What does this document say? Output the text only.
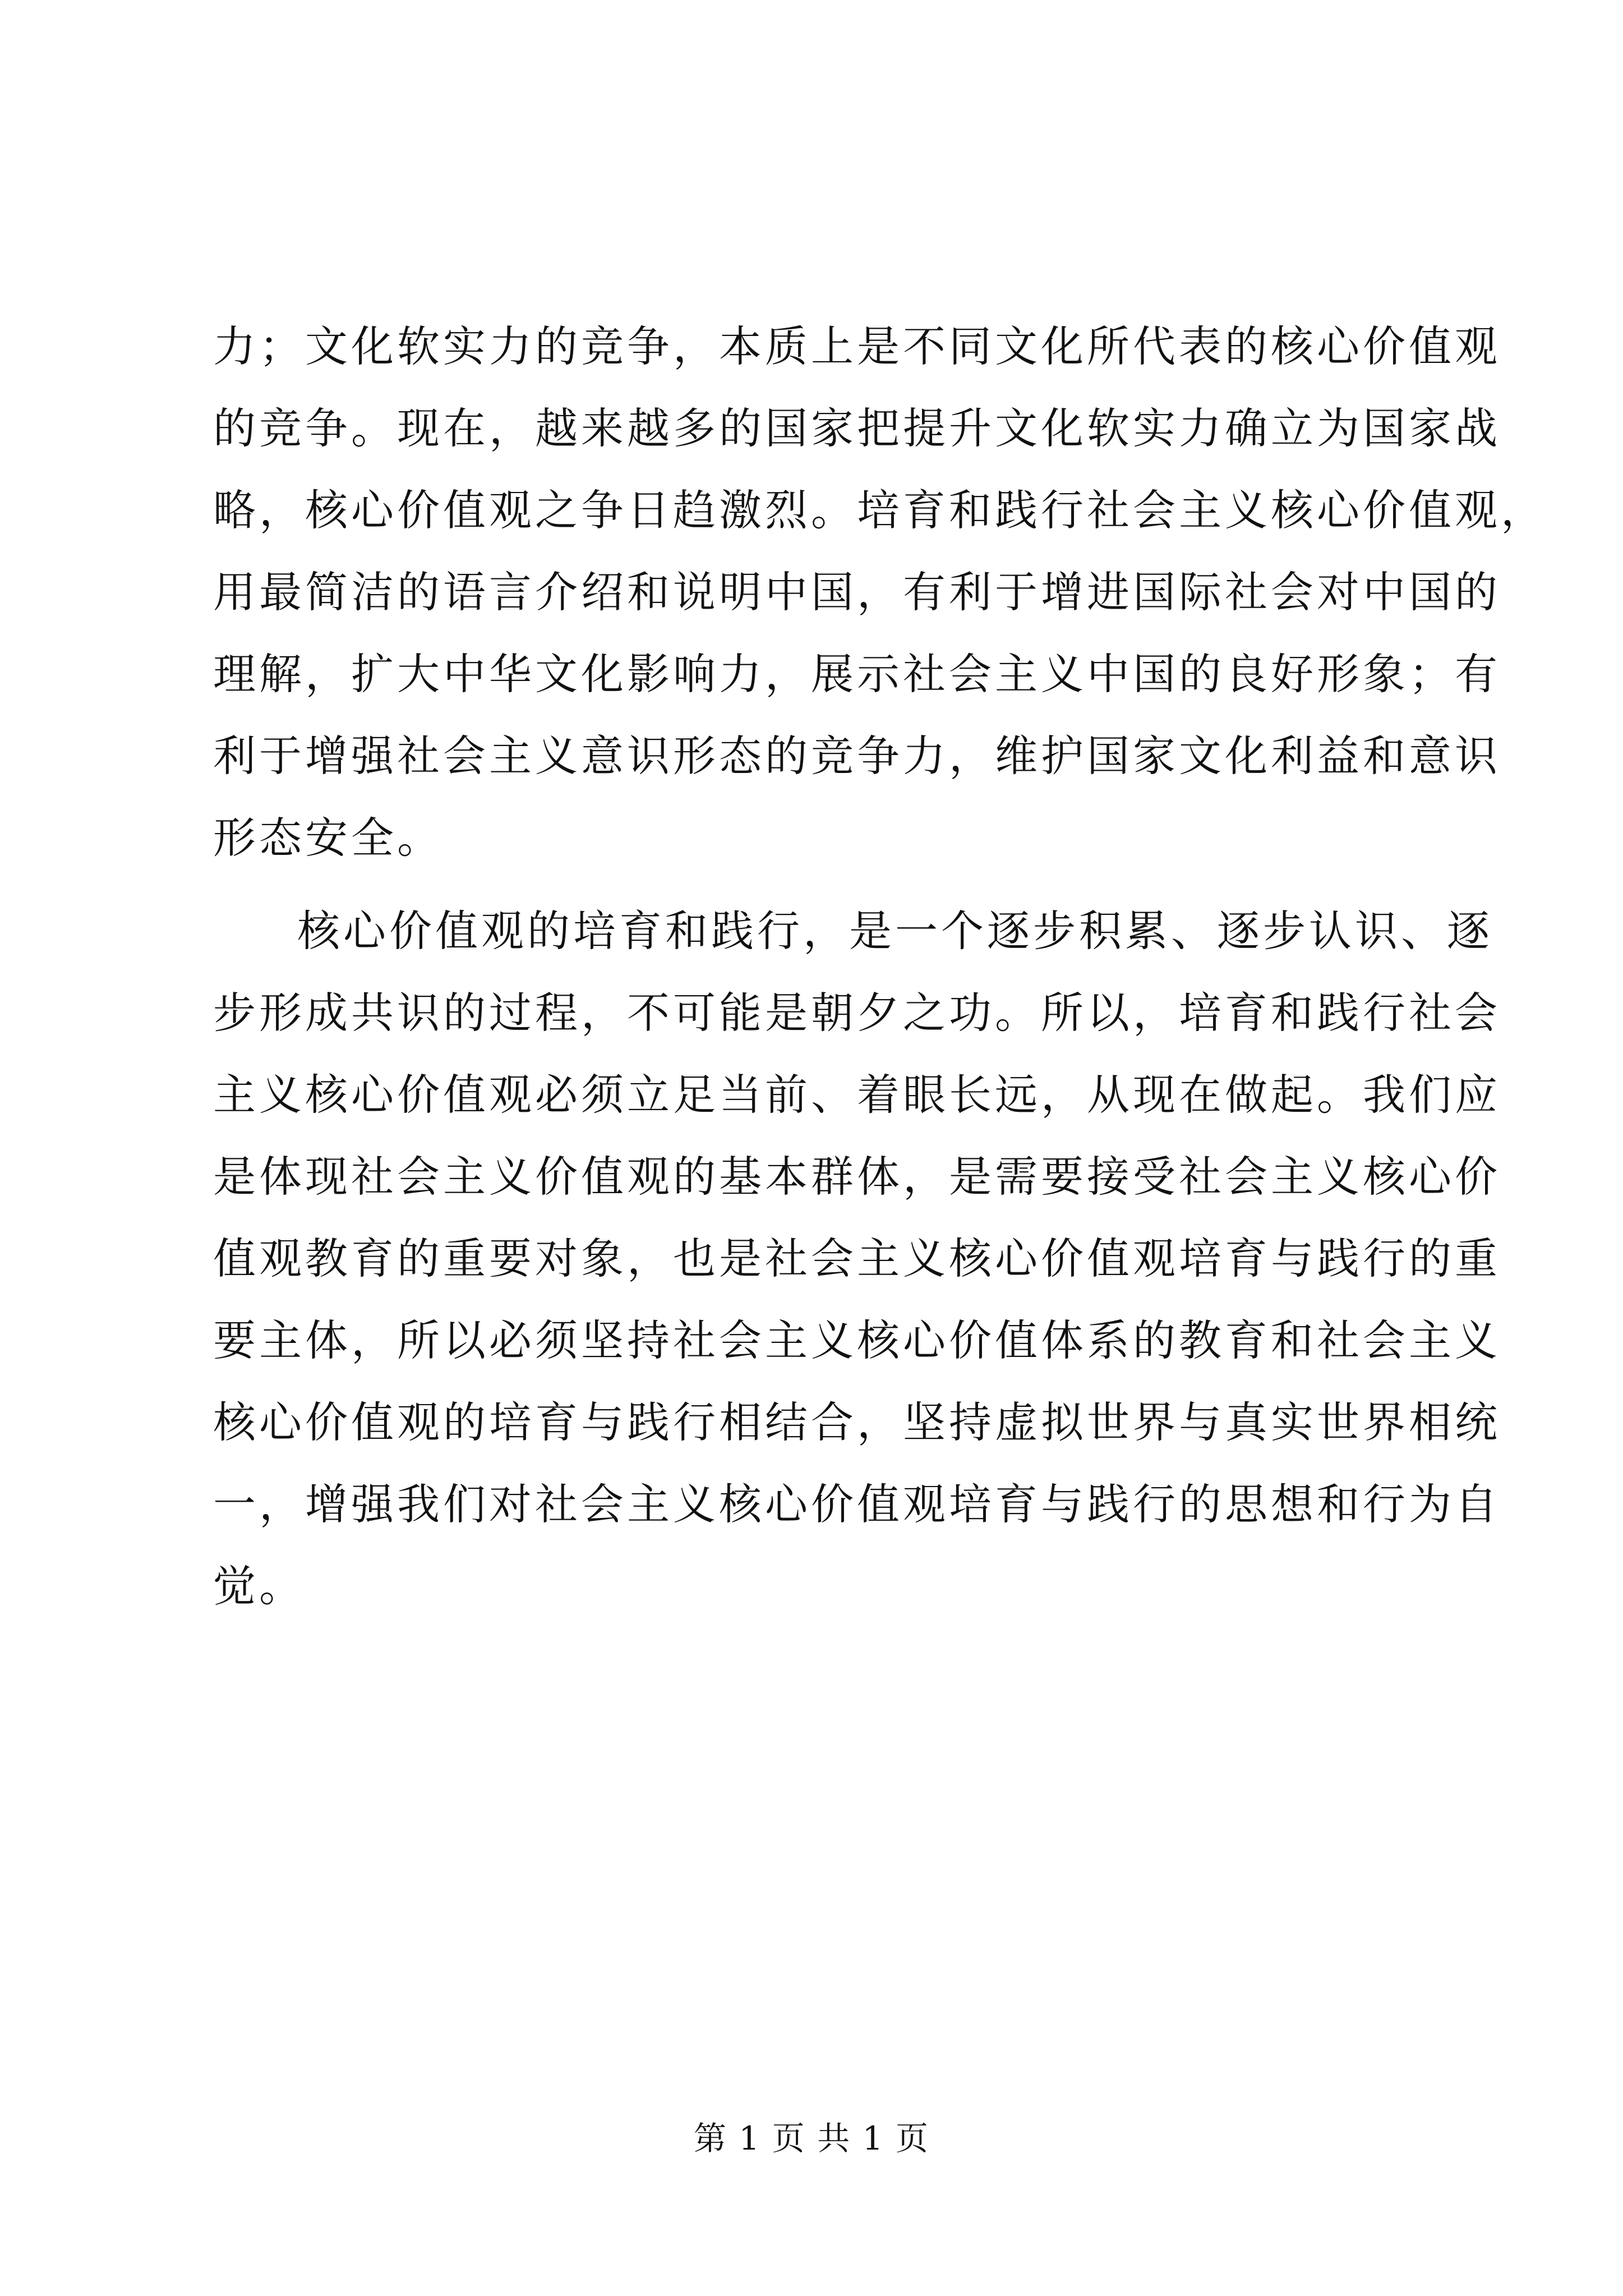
力；文化软实力的竞争，本质上是不同文化所代表的核心价值观
的竞争。现在，越来越多的国家把提升文化软实力确立为国家战
略，核心价值观之争日趋激烈。培育和践行社会主义核心价值观，
用最简洁的语言介绍和说明中国，有利于增进国际社会对中国的
理解，扩大中华文化影响力，展示社会主义中国的良好形象；有
利于增强社会主义意识形态的竞争力，维护国家文化利益和意识
形态安全。
核心价值观的培育和践行，是一个逐步积累、逐步认识、逐
步形成共识的过程，不可能是朝夕之功。所以，培育和践行社会
主义核心价值观必须立足当前、着眼长远，从现在做起。我们应
是体现社会主义价值观的基本群体，是需要接受社会主义核心价
值观教育的重要对象，也是社会主义核心价值观培育与践行的重
要主体，所以必须坚持社会主义核心价值体系的教育和社会主义
核心价值观的培育与践行相结合，坚持虚拟世界与真实世界相统
一，增强我们对社会主义核心价值观培育与践行的思想和行为自
觉。
第 1 页 共 1 页
